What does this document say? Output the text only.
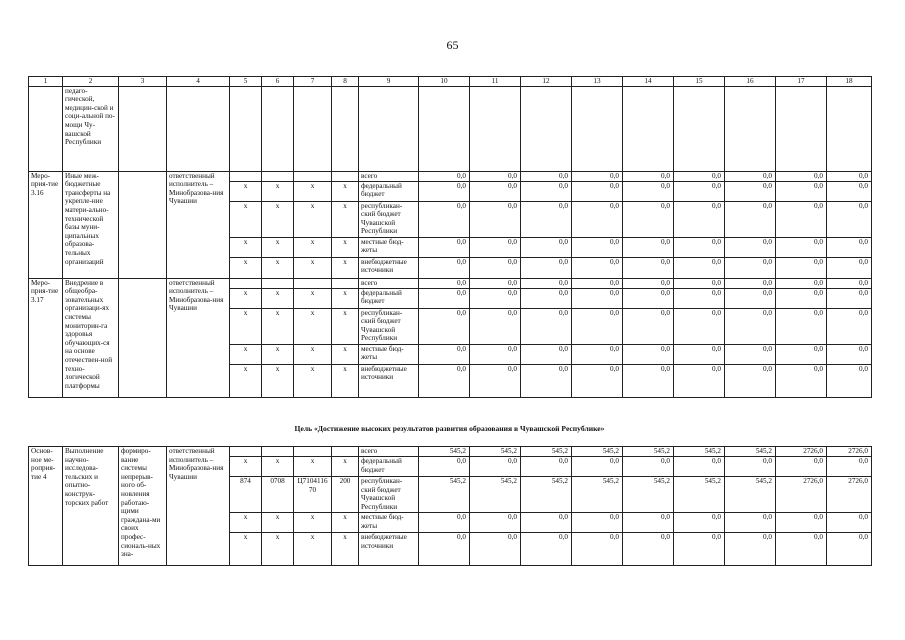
65
1	2	3	4	5	6	7	8	9	10	11	12	13	14	15	16	17	18
	педаго-гической, медицин-ской и соци-альной по-мощи Чу-вашской Республики																
Меро-прия-тие 3.16	Иные меж-бюджетные трансферты на укрепле-ние матери-ально-технической базы муни-ципальных образова-тельных организаций		ответственный исполнитель – Минобразова-ния Чувашии					всего	0,0	0,0	0,0	0,0	0,0	0,0	0,0	0,0	0,0
				x	x	x	x	федеральный бюджет	0,0	0,0	0,0	0,0	0,0	0,0	0,0	0,0	0,0
				x	x	x	x	республикан-ский бюджет Чувашской Республики	0,0	0,0	0,0	0,0	0,0	0,0	0,0	0,0	0,0
				x	x	x	x	местные бюд-жеты	0,0	0,0	0,0	0,0	0,0	0,0	0,0	0,0	0,0
				x	x	x	x	внебюджетные источники	0,0	0,0	0,0	0,0	0,0	0,0	0,0	0,0	0,0
Меро-прия-тие 3.17	Внедрение в общеобра-зовательных организаци-ях системы мониторин-га здоровья обучающих-ся на основе отечествен-ной техно-логической платформы		ответственный исполнитель – Минобразова-ния Чувашии					всего	0,0	0,0	0,0	0,0	0,0	0,0	0,0	0,0	0,0
				x	x	x	x	федеральный бюджет	0,0	0,0	0,0	0,0	0,0	0,0	0,0	0,0	0,0
				x	x	x	x	республикан-ский бюджет Чувашской Республики	0,0	0,0	0,0	0,0	0,0	0,0	0,0	0,0	0,0
				x	x	x	x	местные бюд-жеты	0,0	0,0	0,0	0,0	0,0	0,0	0,0	0,0	0,0
				x	x	x	x	внебюджетные источники	0,0	0,0	0,0	0,0	0,0	0,0	0,0	0,0	0,0
Цель «Достижение высоких результатов развития образования в Чувашской Республике»
Основ-ное ме-роприя-тие 4	Выполнение научно-исследова-тельских и опытно-конструк-торских работ	формиро-вание системы непрерыв-ного об-новления работаю-щими граждана-ми своих профес-сиональ-ных зна-	ответственный исполнитель – Минобразова-ния Чувашии					всего	545,2	545,2	545,2	545,2	545,2	545,2	545,2	2726,0	2726,0
				x	x	x	x	федеральный бюджет	0,0	0,0	0,0	0,0	0,0	0,0	0,0	0,0	0,0
				874	0708	Ц710411670	200	республикан-ский бюджет Чувашской Республики	545,2	545,2	545,2	545,2	545,2	545,2	545,2	2726,0	2726,0
				x	x	x	x	местные бюд-жеты	0,0	0,0	0,0	0,0	0,0	0,0	0,0	0,0	0,0
				x	x	x	x	внебюджетные источники	0,0	0,0	0,0	0,0	0,0	0,0	0,0	0,0	0,0
